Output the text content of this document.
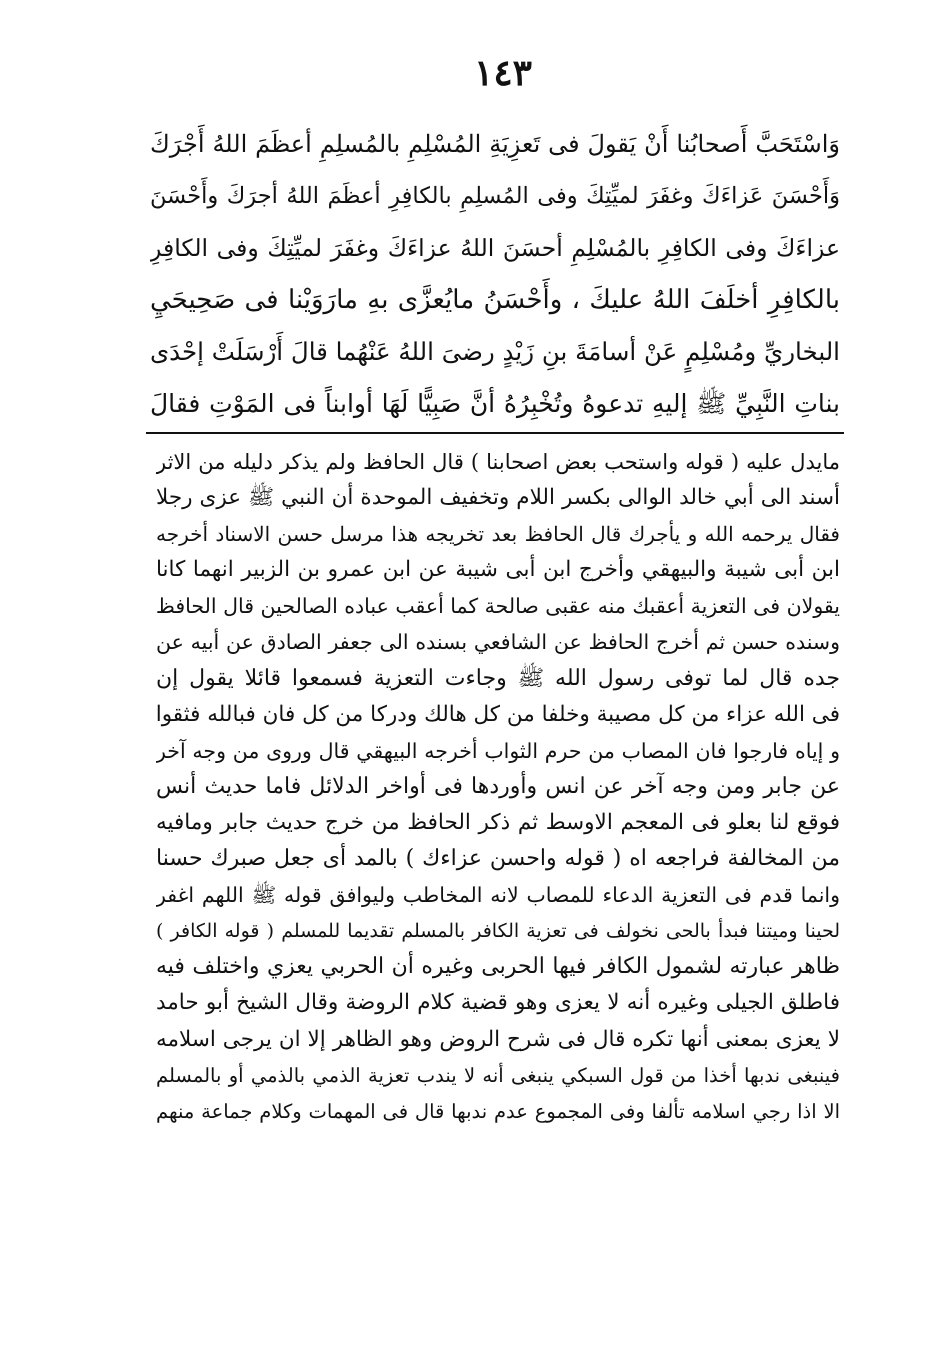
١٤٣
وَاسْتَحَبَّ أَصحابُنا أَنْ يَقولَ فى تَعزِيَةِ المُسْلِمِ بالمُسلِمِ أعظَمَ اللهُ أَجْرَكَ
وَأَحْسَنَ عَزاءَكَ وغفَرَ لميِّتِكَ وفى المُسلِمِ بالكافِرِ أعظَمَ اللهُ أجرَكَ وأَحْسَنَ
عزاءَكَ وفى الكافِرِ بالمُسْلِمِ أحسَنَ اللهُ عزاءَكَ وغفَرَ لميِّتِكَ وفى الكافِرِ
بالكافِرِ أخلَفَ اللهُ عليكَ ، وأَحْسَنُ مايُعزَّى بهِ مارَوَيْنا فى صَحِيحَيِ
البخاريِّ ومُسْلِمٍ عَنْ أسامَةَ بنِ زَيْدٍ رضىَ اللهُ عَنْهُما قالَ أَرْسَلَتْ إحْدَى
بناتِ النَّبِيِّ ﷺ إليهِ تدعوهُ وتُخْبِرُهُ أنَّ صَبِيًّا لَهَا أوابناً فى المَوْتِ فقالَ
مايدل عليه ( قوله واستحب بعض اصحابنا ) قال الحافظ ولم يذكر دليله من الاثر
أسند الى أبي خالد الوالى بكسر اللام وتخفيف الموحدة أن النبي ﷺ عزى رجلا
فقال يرحمه الله و يأجرك قال الحافظ بعد تخريجه هذا مرسل حسن الاسناد أخرجه
ابن أبى شيبة والبيهقي وأخرج ابن أبى شيبة عن ابن عمرو بن الزبير انهما كانا
يقولان فى التعزية أعقبك منه عقبى صالحة كما أعقب عباده الصالحين قال الحافظ
وسنده حسن ثم أخرج الحافظ عن الشافعي بسنده الى جعفر الصادق عن أبيه عن
جده قال لما توفى رسول الله ﷺ وجاءت التعزية فسمعوا قائلا يقول إن
فى الله عزاء من كل مصيبة وخلفا من كل هالك ودركا من كل فان فبالله فثقوا
و إياه فارجوا فان المصاب من حرم الثواب أخرجه البيهقي قال وروى من وجه آخر
عن جابر ومن وجه آخر عن انس وأوردها فى أواخر الدلائل فاما حديث أنس
فوقع لنا بعلو فى المعجم الاوسط ثم ذكر الحافظ من خرج حديث جابر ومافيه
من المخالفة فراجعه اه ( قوله واحسن عزاءك ) بالمد أى جعل صبرك حسنا
وانما قدم فى التعزية الدعاء للمصاب لانه المخاطب وليوافق قوله ﷺ اللهم اغفر
لحينا وميتنا فبدأ بالحى نخولف فى تعزية الكافر بالمسلم تقديما للمسلم ( قوله الكافر )
ظاهر عبارته لشمول الكافر فيها الحربى وغيره أن الحربي يعزي واختلف فيه
فاطلق الجيلى وغيره أنه لا يعزى وهو قضية كلام الروضة وقال الشيخ أبو حامد
لا يعزى بمعنى أنها تكره قال فى شرح الروض وهو الظاهر إلا ان يرجى اسلامه
فينبغى ندبها أخذا من قول السبكي ينبغى أنه لا يندب تعزية الذمي بالذمي أو بالمسلم
الا اذا رجي اسلامه تألفا وفى المجموع عدم ندبها قال فى المهمات وكلام جماعة منهم
